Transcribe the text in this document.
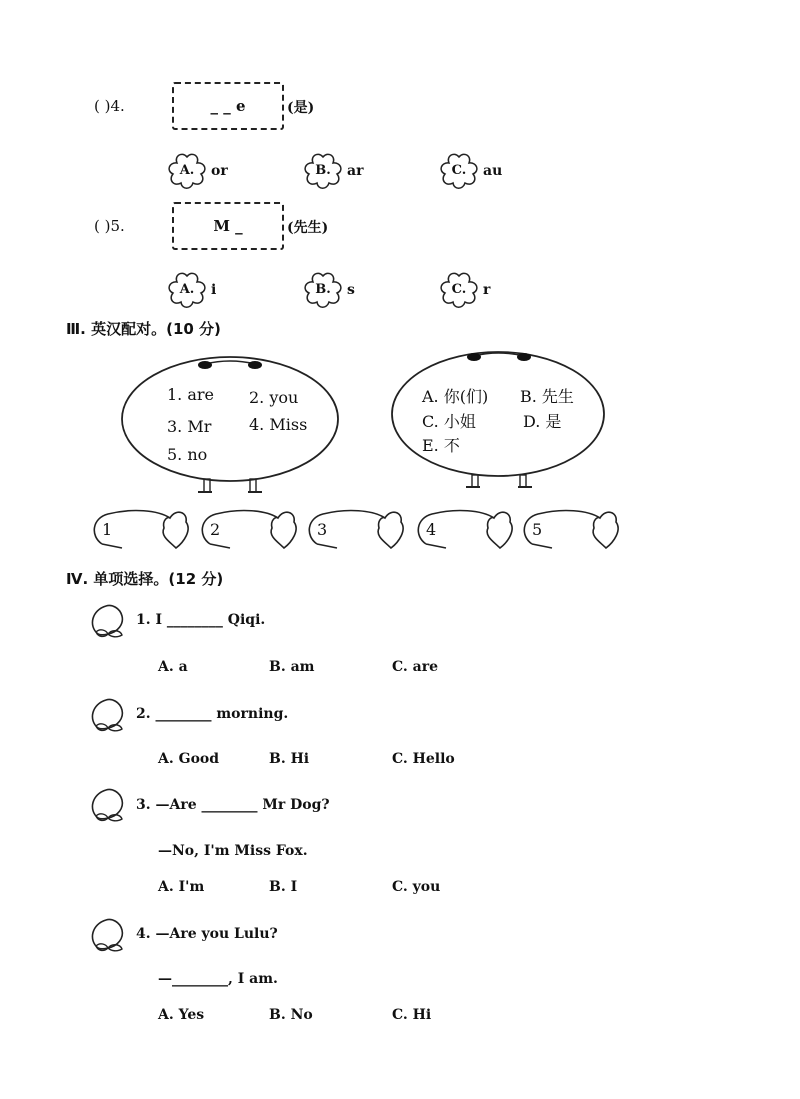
( )4.	_ _ e	(是)
A.	or	B.	ar	C.	au
( )5.	M _	(先生)
A.	i	B.	s	C.	r
Ⅲ. 英汉配对。(10 分)
1. are 2. you
3. Mr 4. Miss
5. no
A. 你(们) B. 先生
C. 小姐	D. 是
E. 不
1	2	3	4	5
Ⅳ. 单项选择。(12 分)
1. I ________ Qiqi.
A. a	B. am	C. are
2. ________ morning.
A. Good	B. Hi	C. Hello
3. —Are ________ Mr Dog?
—No, I'm Miss Fox.
A. I'm	B. I	C. you
4. —Are you Lulu?
—________, I am.
A. Yes	B. No	C. Hi
